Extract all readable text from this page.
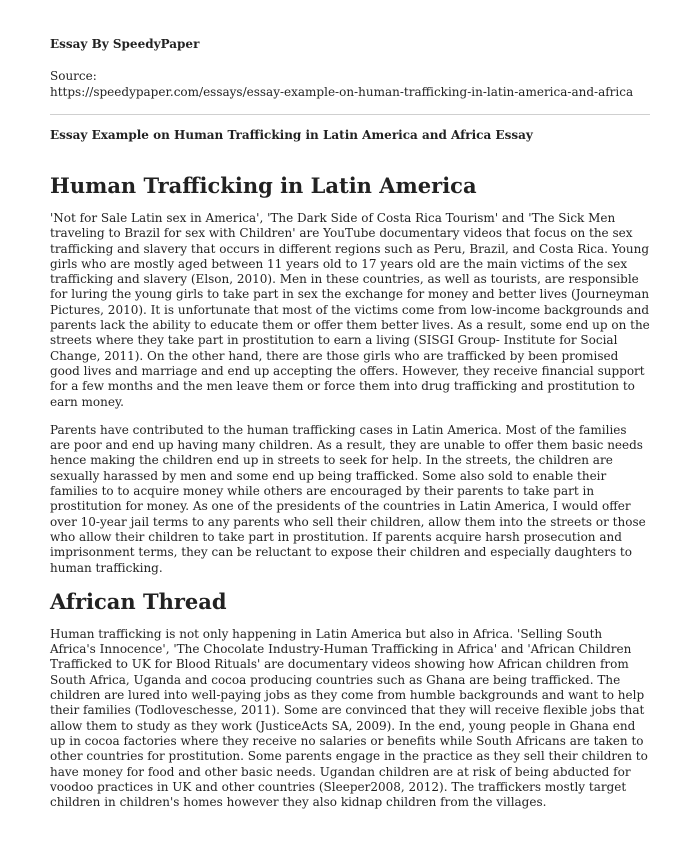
Essay By SpeedyPaper
Source:
https://speedypaper.com/essays/essay-example-on-human-trafficking-in-latin-america-and-africa
Essay Example on Human Trafficking in Latin America and Africa Essay
Human Trafficking in Latin America

'Not for Sale Latin sex in America', 'The Dark Side of Costa Rica Tourism' and 'The Sick Men traveling to Brazil for sex with Children' are YouTube documentary videos that focus on the sex trafficking and slavery that occurs in different regions such as Peru, Brazil, and Costa Rica. Young girls who are mostly aged between 11 years old to 17 years old are the main victims of the sex trafficking and slavery (Elson, 2010). Men in these countries, as well as tourists, are responsible for luring the young girls to take part in sex the exchange for money and better lives (Journeyman Pictures, 2010). It is unfortunate that most of the victims come from low-income backgrounds and parents lack the ability to educate them or offer them better lives. As a result, some end up on the streets where they take part in prostitution to earn a living (SISGI Group- Institute for Social Change, 2011). On the other hand, there are those girls who are trafficked by been promised good lives and marriage and end up accepting the offers. However, they receive financial support for a few months and the men leave them or force them into drug trafficking and prostitution to earn money.

Parents have contributed to the human trafficking cases in Latin America. Most of the families are poor and end up having many children. As a result, they are unable to offer them basic needs hence making the children end up in streets to seek for help. In the streets, the children are sexually harassed by men and some end up being trafficked. Some also sold to enable their families to to acquire money while others are encouraged by their parents to take part in prostitution for money. As one of the presidents of the countries in Latin America, I would offer over 10-year jail terms to any parents who sell their children, allow them into the streets or those who allow their children to take part in prostitution. If parents acquire harsh prosecution and imprisonment terms, they can be reluctant to expose their children and especially daughters to human trafficking.

African Thread

Human trafficking is not only happening in Latin America but also in Africa. 'Selling South Africa's Innocence', 'The Chocolate Industry-Human Trafficking in Africa' and 'African Children Trafficked to UK for Blood Rituals' are documentary videos showing how African children from South Africa, Uganda and cocoa producing countries such as Ghana are being trafficked. The children are lured into well-paying jobs as they come from humble backgrounds and want to help their families (Todloveschesse, 2011). Some are convinced that they will receive flexible jobs that allow them to study as they work (JusticeActs SA, 2009). In the end, young people in Ghana end up in cocoa factories where they receive no salaries or benefits while South Africans are taken to other countries for prostitution. Some parents engage in the practice as they sell their children to have money for food and other basic needs. Ugandan children are at risk of being abducted for voodoo practices in UK and other countries (Sleeper2008, 2012). The traffickers mostly target children in children's homes however they also kidnap children from the villages.
